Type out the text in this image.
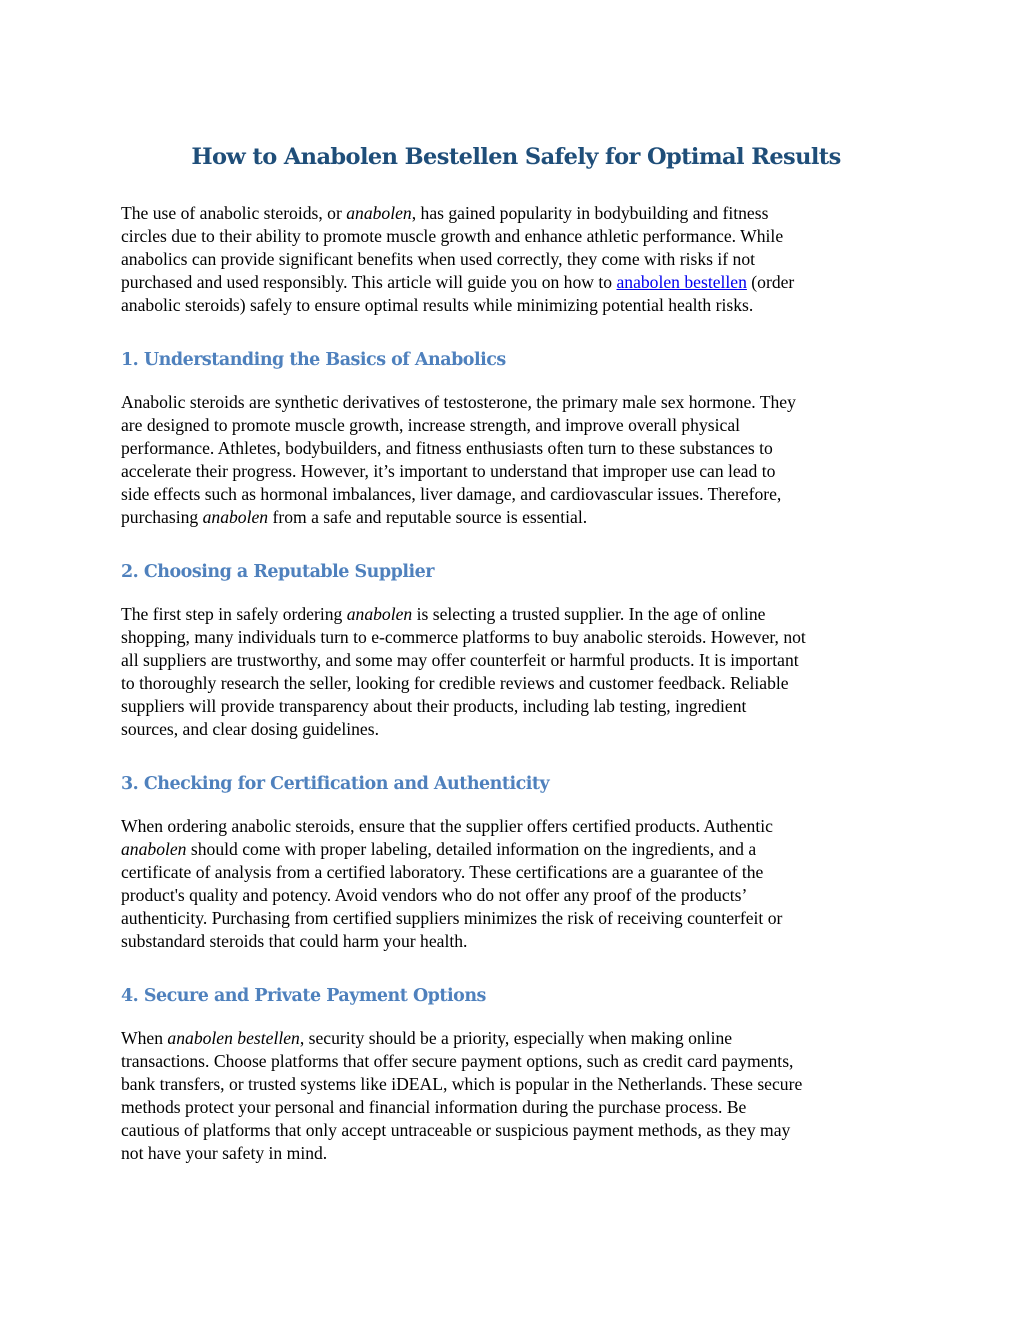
How to Anabolen Bestellen Safely for Optimal Results

The use of anabolic steroids, or anabolen, has gained popularity in bodybuilding and fitness
circles due to their ability to promote muscle growth and enhance athletic performance. While
anabolics can provide significant benefits when used correctly, they come with risks if not
purchased and used responsibly. This article will guide you on how to anabolen bestellen (order
anabolic steroids) safely to ensure optimal results while minimizing potential health risks.

1. Understanding the Basics of Anabolics

Anabolic steroids are synthetic derivatives of testosterone, the primary male sex hormone. They
are designed to promote muscle growth, increase strength, and improve overall physical
performance. Athletes, bodybuilders, and fitness enthusiasts often turn to these substances to
accelerate their progress. However, it’s important to understand that improper use can lead to
side effects such as hormonal imbalances, liver damage, and cardiovascular issues. Therefore,
purchasing anabolen from a safe and reputable source is essential.

2. Choosing a Reputable Supplier

The first step in safely ordering anabolen is selecting a trusted supplier. In the age of online
shopping, many individuals turn to e-commerce platforms to buy anabolic steroids. However, not
all suppliers are trustworthy, and some may offer counterfeit or harmful products. It is important
to thoroughly research the seller, looking for credible reviews and customer feedback. Reliable
suppliers will provide transparency about their products, including lab testing, ingredient
sources, and clear dosing guidelines.

3. Checking for Certification and Authenticity

When ordering anabolic steroids, ensure that the supplier offers certified products. Authentic
anabolen should come with proper labeling, detailed information on the ingredients, and a
certificate of analysis from a certified laboratory. These certifications are a guarantee of the
product's quality and potency. Avoid vendors who do not offer any proof of the products’
authenticity. Purchasing from certified suppliers minimizes the risk of receiving counterfeit or
substandard steroids that could harm your health.

4. Secure and Private Payment Options

When anabolen bestellen, security should be a priority, especially when making online
transactions. Choose platforms that offer secure payment options, such as credit card payments,
bank transfers, or trusted systems like iDEAL, which is popular in the Netherlands. These secure
methods protect your personal and financial information during the purchase process. Be
cautious of platforms that only accept untraceable or suspicious payment methods, as they may
not have your safety in mind.
